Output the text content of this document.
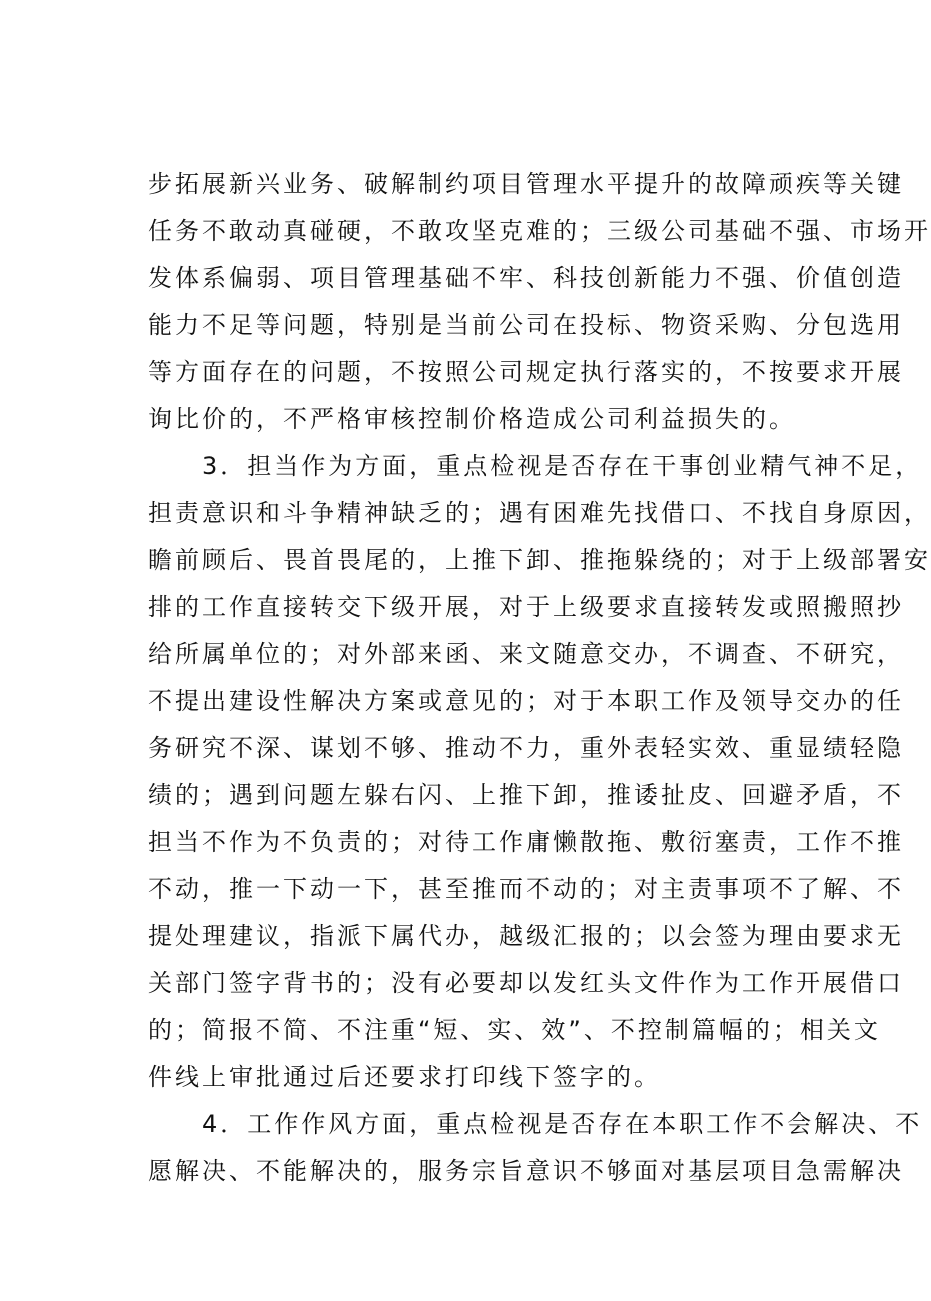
步拓展新兴业务、破解制约项目管理水平提升的故障顽疾等关键
任务不敢动真碰硬，不敢攻坚克难的；三级公司基础不强、市场开
发体系偏弱、项目管理基础不牢、科技创新能力不强、价值创造
能力不足等问题，特别是当前公司在投标、物资采购、分包选用
等方面存在的问题，不按照公司规定执行落实的，不按要求开展
询比价的，不严格审核控制价格造成公司利益损失的。
　　3．担当作为方面，重点检视是否存在干事创业精气神不足，
担责意识和斗争精神缺乏的；遇有困难先找借口、不找自身原因，
瞻前顾后、畏首畏尾的，上推下卸、推拖躲绕的；对于上级部署安
排的工作直接转交下级开展，对于上级要求直接转发或照搬照抄
给所属单位的；对外部来函、来文随意交办，不调查、不研究，
不提出建设性解决方案或意见的；对于本职工作及领导交办的任
务研究不深、谋划不够、推动不力，重外表轻实效、重显绩轻隐
绩的；遇到问题左躲右闪、上推下卸，推诿扯皮、回避矛盾，不
担当不作为不负责的；对待工作庸懒散拖、敷衍塞责，工作不推
不动，推一下动一下，甚至推而不动的；对主责事项不了解、不
提处理建议，指派下属代办，越级汇报的；以会签为理由要求无
关部门签字背书的；没有必要却以发红头文件作为工作开展借口
的；简报不简、不注重“短、实、效”、不控制篇幅的；相关文
件线上审批通过后还要求打印线下签字的。
　　4．工作作风方面，重点检视是否存在本职工作不会解决、不
愿解决、不能解决的，服务宗旨意识不够面对基层项目急需解决
